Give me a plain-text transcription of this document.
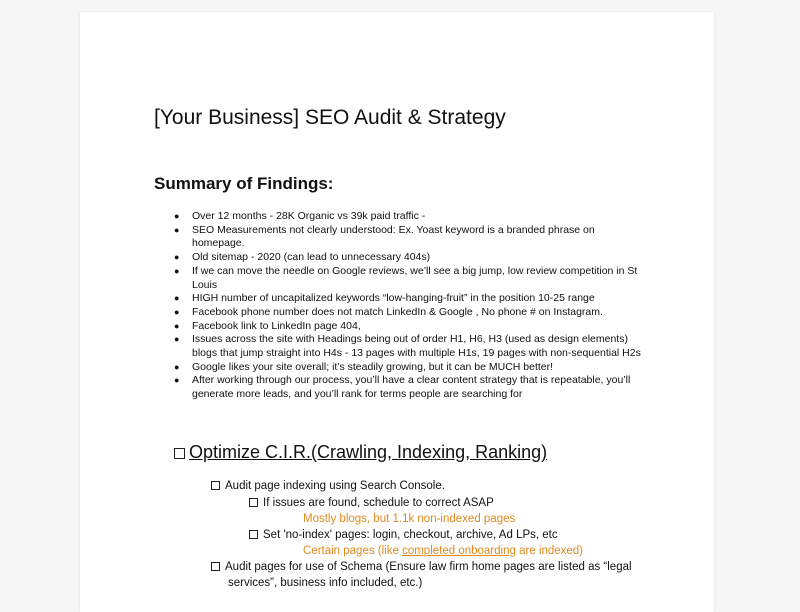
[Your Business] SEO Audit & Strategy
Summary of Findings:
● Over 12 months - 28K Organic vs 39k paid traffic -
● SEO Measurements not clearly understood: Ex. Yoast keyword is a branded phrase on homepage.
● Old sitemap - 2020 (can lead to unnecessary 404s)
● If we can move the needle on Google reviews, we’ll see a big jump, low review competition in St Louis
● HIGH number of uncapitalized keywords “low-hanging-fruit” in the position 10-25 range
● Facebook phone number does not match LinkedIn & Google , No phone # on Instagram.
● Facebook link to LinkedIn page 404,
● Issues across the site with Headings being out of order H1, H6, H3 (used as design elements) blogs that jump straight into H4s - 13 pages with multiple H1s, 19 pages with non-sequential H2s
● Google likes your site overall; it’s steadily growing, but it can be MUCH better!
● After working through our process, you’ll have a clear content strategy that is repeatable, you’ll generate more leads, and you’ll rank for terms people are searching for
Optimize C.I.R.(Crawling, Indexing, Ranking)
Audit page indexing using Search Console.
If issues are found, schedule to correct ASAP
Mostly blogs, but 1.1k non-indexed pages
Set 'no-index' pages: login, checkout, archive, Ad LPs, etc
Certain pages (like completed onboarding are indexed)
Audit pages for use of Schema (Ensure law firm home pages are listed as “legal
services”, business info included, etc.)
